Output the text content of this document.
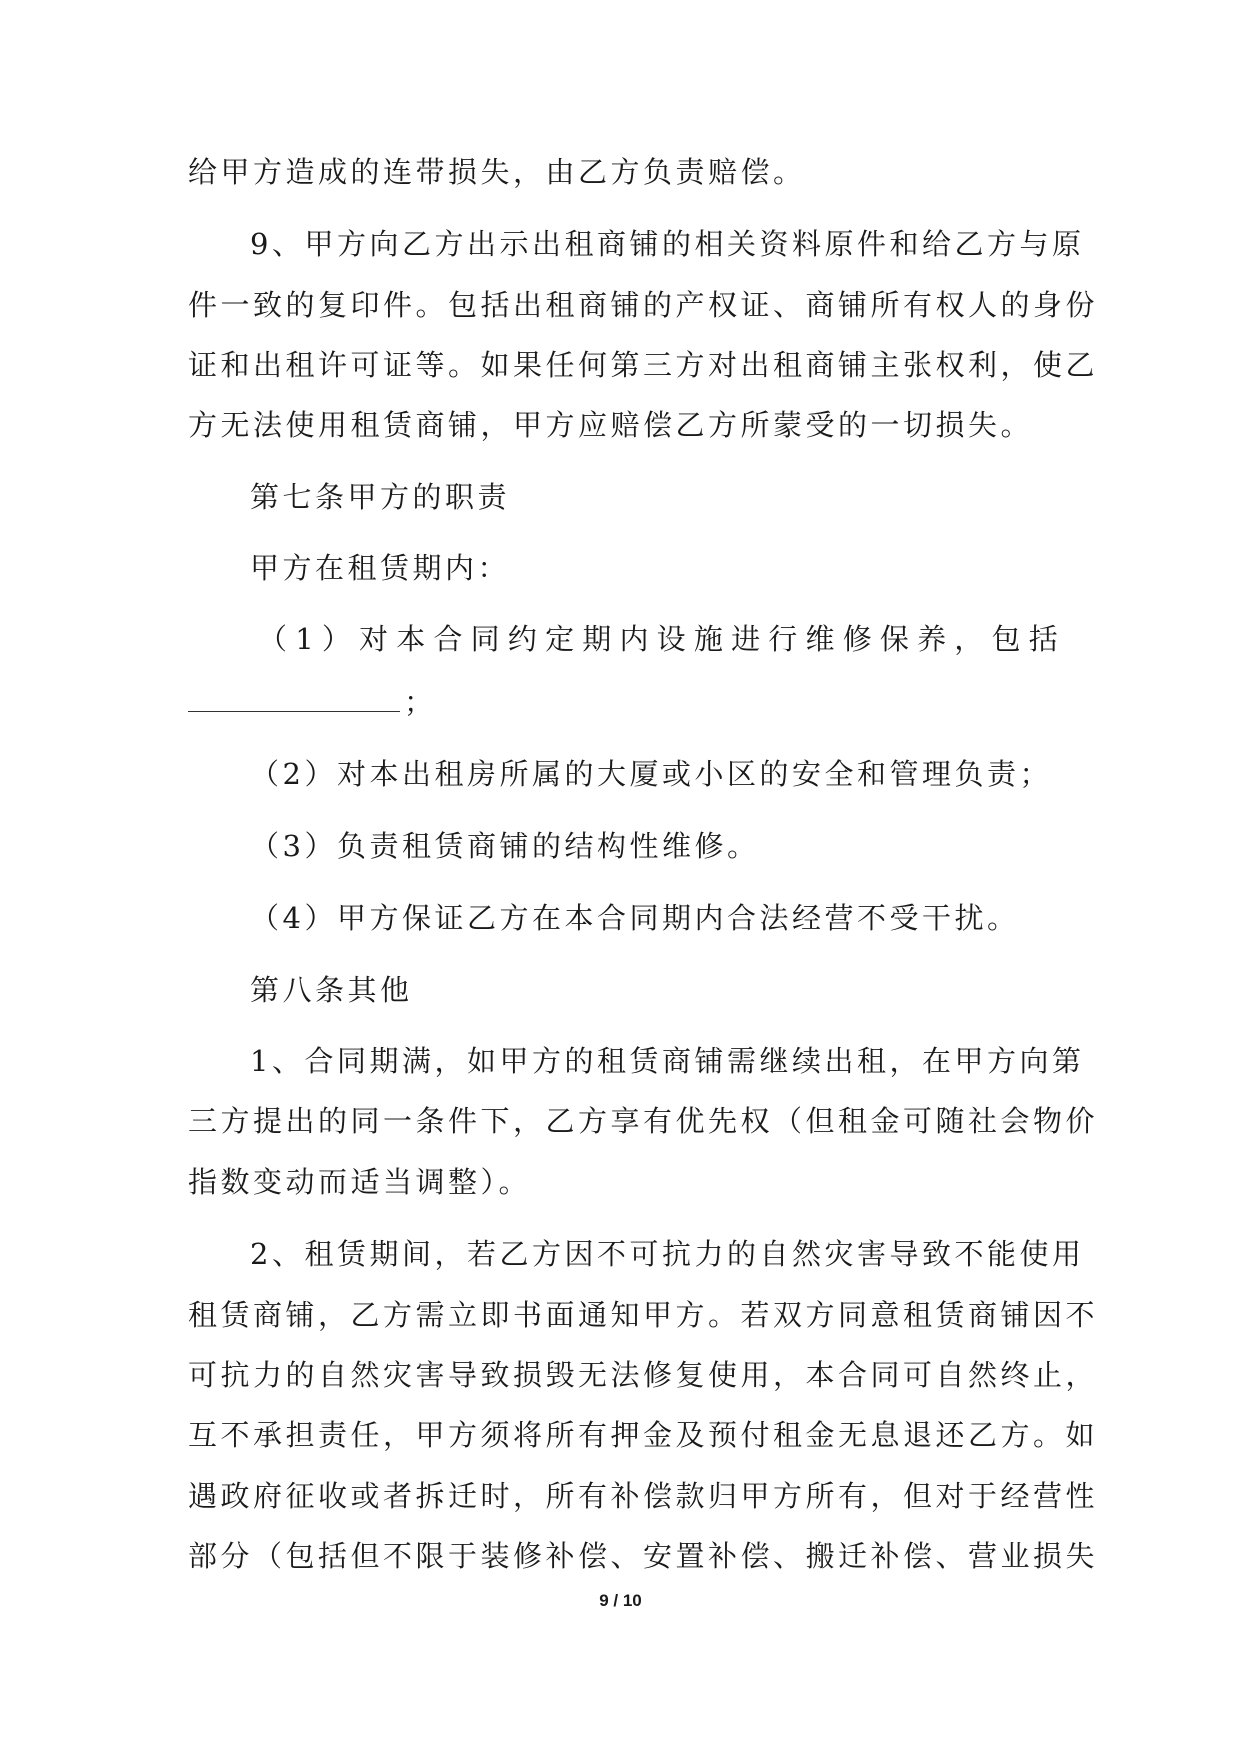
给甲方造成的连带损失，由乙方负责赔偿。
9、甲方向乙方出示出租商铺的相关资料原件和给乙方与原
件一致的复印件。包括出租商铺的产权证、商铺所有权人的身份
证和出租许可证等。如果任何第三方对出租商铺主张权利，使乙
方无法使用租赁商铺，甲方应赔偿乙方所蒙受的一切损失。
第七条甲方的职责
甲方在租赁期内：
（ 1 ） 对 本 合 同 约 定 期 内 设 施 进 行 维 修 保 养 ， 包 括
；
（2）对本出租房所属的大厦或小区的安全和管理负责；
（3）负责租赁商铺的结构性维修。
（4）甲方保证乙方在本合同期内合法经营不受干扰。
第八条其他
1、合同期满，如甲方的租赁商铺需继续出租，在甲方向第
三方提出的同一条件下，乙方享有优先权（但租金可随社会物价
指数变动而适当调整）。
2、租赁期间，若乙方因不可抗力的自然灾害导致不能使用
租赁商铺，乙方需立即书面通知甲方。若双方同意租赁商铺因不
可抗力的自然灾害导致损毁无法修复使用，本合同可自然终止，
互不承担责任，甲方须将所有押金及预付租金无息退还乙方。如
遇政府征收或者拆迁时，所有补偿款归甲方所有，但对于经营性
部分（包括但不限于装修补偿、安置补偿、搬迁补偿、营业损失
9 / 10
